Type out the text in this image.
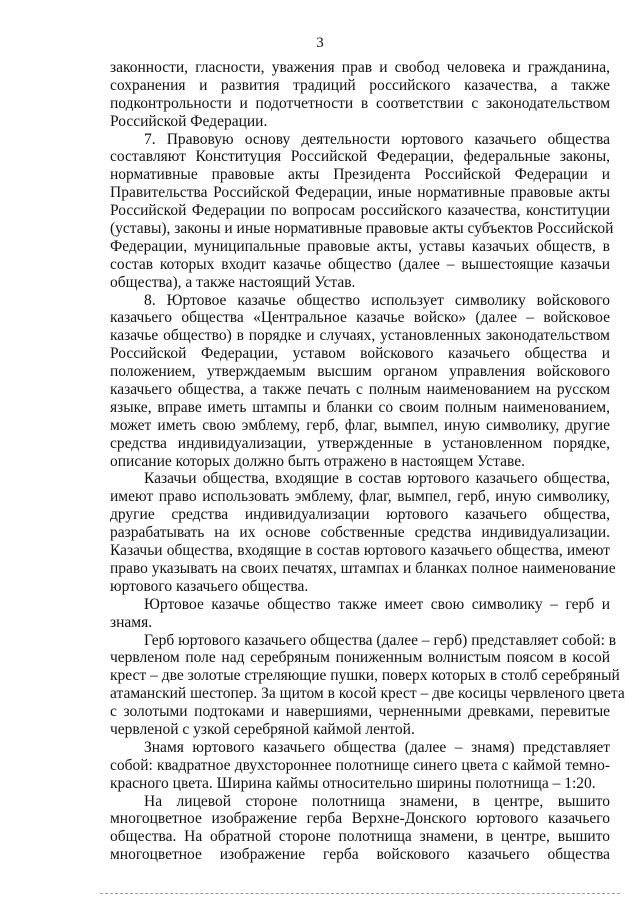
3
законности, гласности, уважения прав и свобод человека и гражданина,
сохранения и развития традиций российского казачества, а также
подконтрольности и подотчетности в соответствии с законодательством
Российской Федерации.
7. Правовую основу деятельности юртового казачьего общества
составляют Конституция Российской Федерации, федеральные законы,
нормативные правовые акты Президента Российской Федерации и
Правительства Российской Федерации, иные нормативные правовые акты
Российской Федерации по вопросам российского казачества, конституции
(уставы), законы и иные нормативные правовые акты субъектов Российской
Федерации, муниципальные правовые акты, уставы казачьих обществ, в
состав которых входит казачье общество (далее – вышестоящие казачьи
общества), а также настоящий Устав.
8. Юртовое казачье общество использует символику войскового
казачьего общества «Центральное казачье войско» (далее – войсковое
казачье общество) в порядке и случаях, установленных законодательством
Российской Федерации, уставом войскового казачьего общества и
положением, утверждаемым высшим органом управления войскового
казачьего общества, а также печать с полным наименованием на русском
языке, вправе иметь штампы и бланки со своим полным наименованием,
может иметь свою эмблему, герб, флаг, вымпел, иную символику, другие
средства индивидуализации, утвержденные в установленном порядке,
описание которых должно быть отражено в настоящем Уставе.
Казачьи общества, входящие в состав юртового казачьего общества,
имеют право использовать эмблему, флаг, вымпел, герб, иную символику,
другие средства индивидуализации юртового казачьего общества,
разрабатывать на их основе собственные средства индивидуализации.
Казачьи общества, входящие в состав юртового казачьего общества, имеют
право указывать на своих печатях, штампах и бланках полное наименование
юртового казачьего общества.
Юртовое казачье общество также имеет свою символику – герб и
знамя.
Герб юртового казачьего общества (далее – герб) представляет собой: в
червленом поле над серебряным пониженным волнистым поясом в косой
крест – две золотые стреляющие пушки, поверх которых в столб серебряный
атаманский шестопер. За щитом в косой крест – две косицы червленого цвета
с золотыми подтоками и навершиями, черненными древками, перевитые
червленой с узкой серебряной каймой лентой.
Знамя юртового казачьего общества (далее – знамя) представляет
собой: квадратное двухстороннее полотнище синего цвета с каймой темно-
красного цвета. Ширина каймы относительно ширины полотнища – 1:20.
На лицевой стороне полотнища знамени, в центре, вышито
многоцветное изображение герба Верхне-Донского юртового казачьего
общества. На обратной стороне полотнища знамени, в центре, вышито
многоцветное изображение герба войскового казачьего общества
